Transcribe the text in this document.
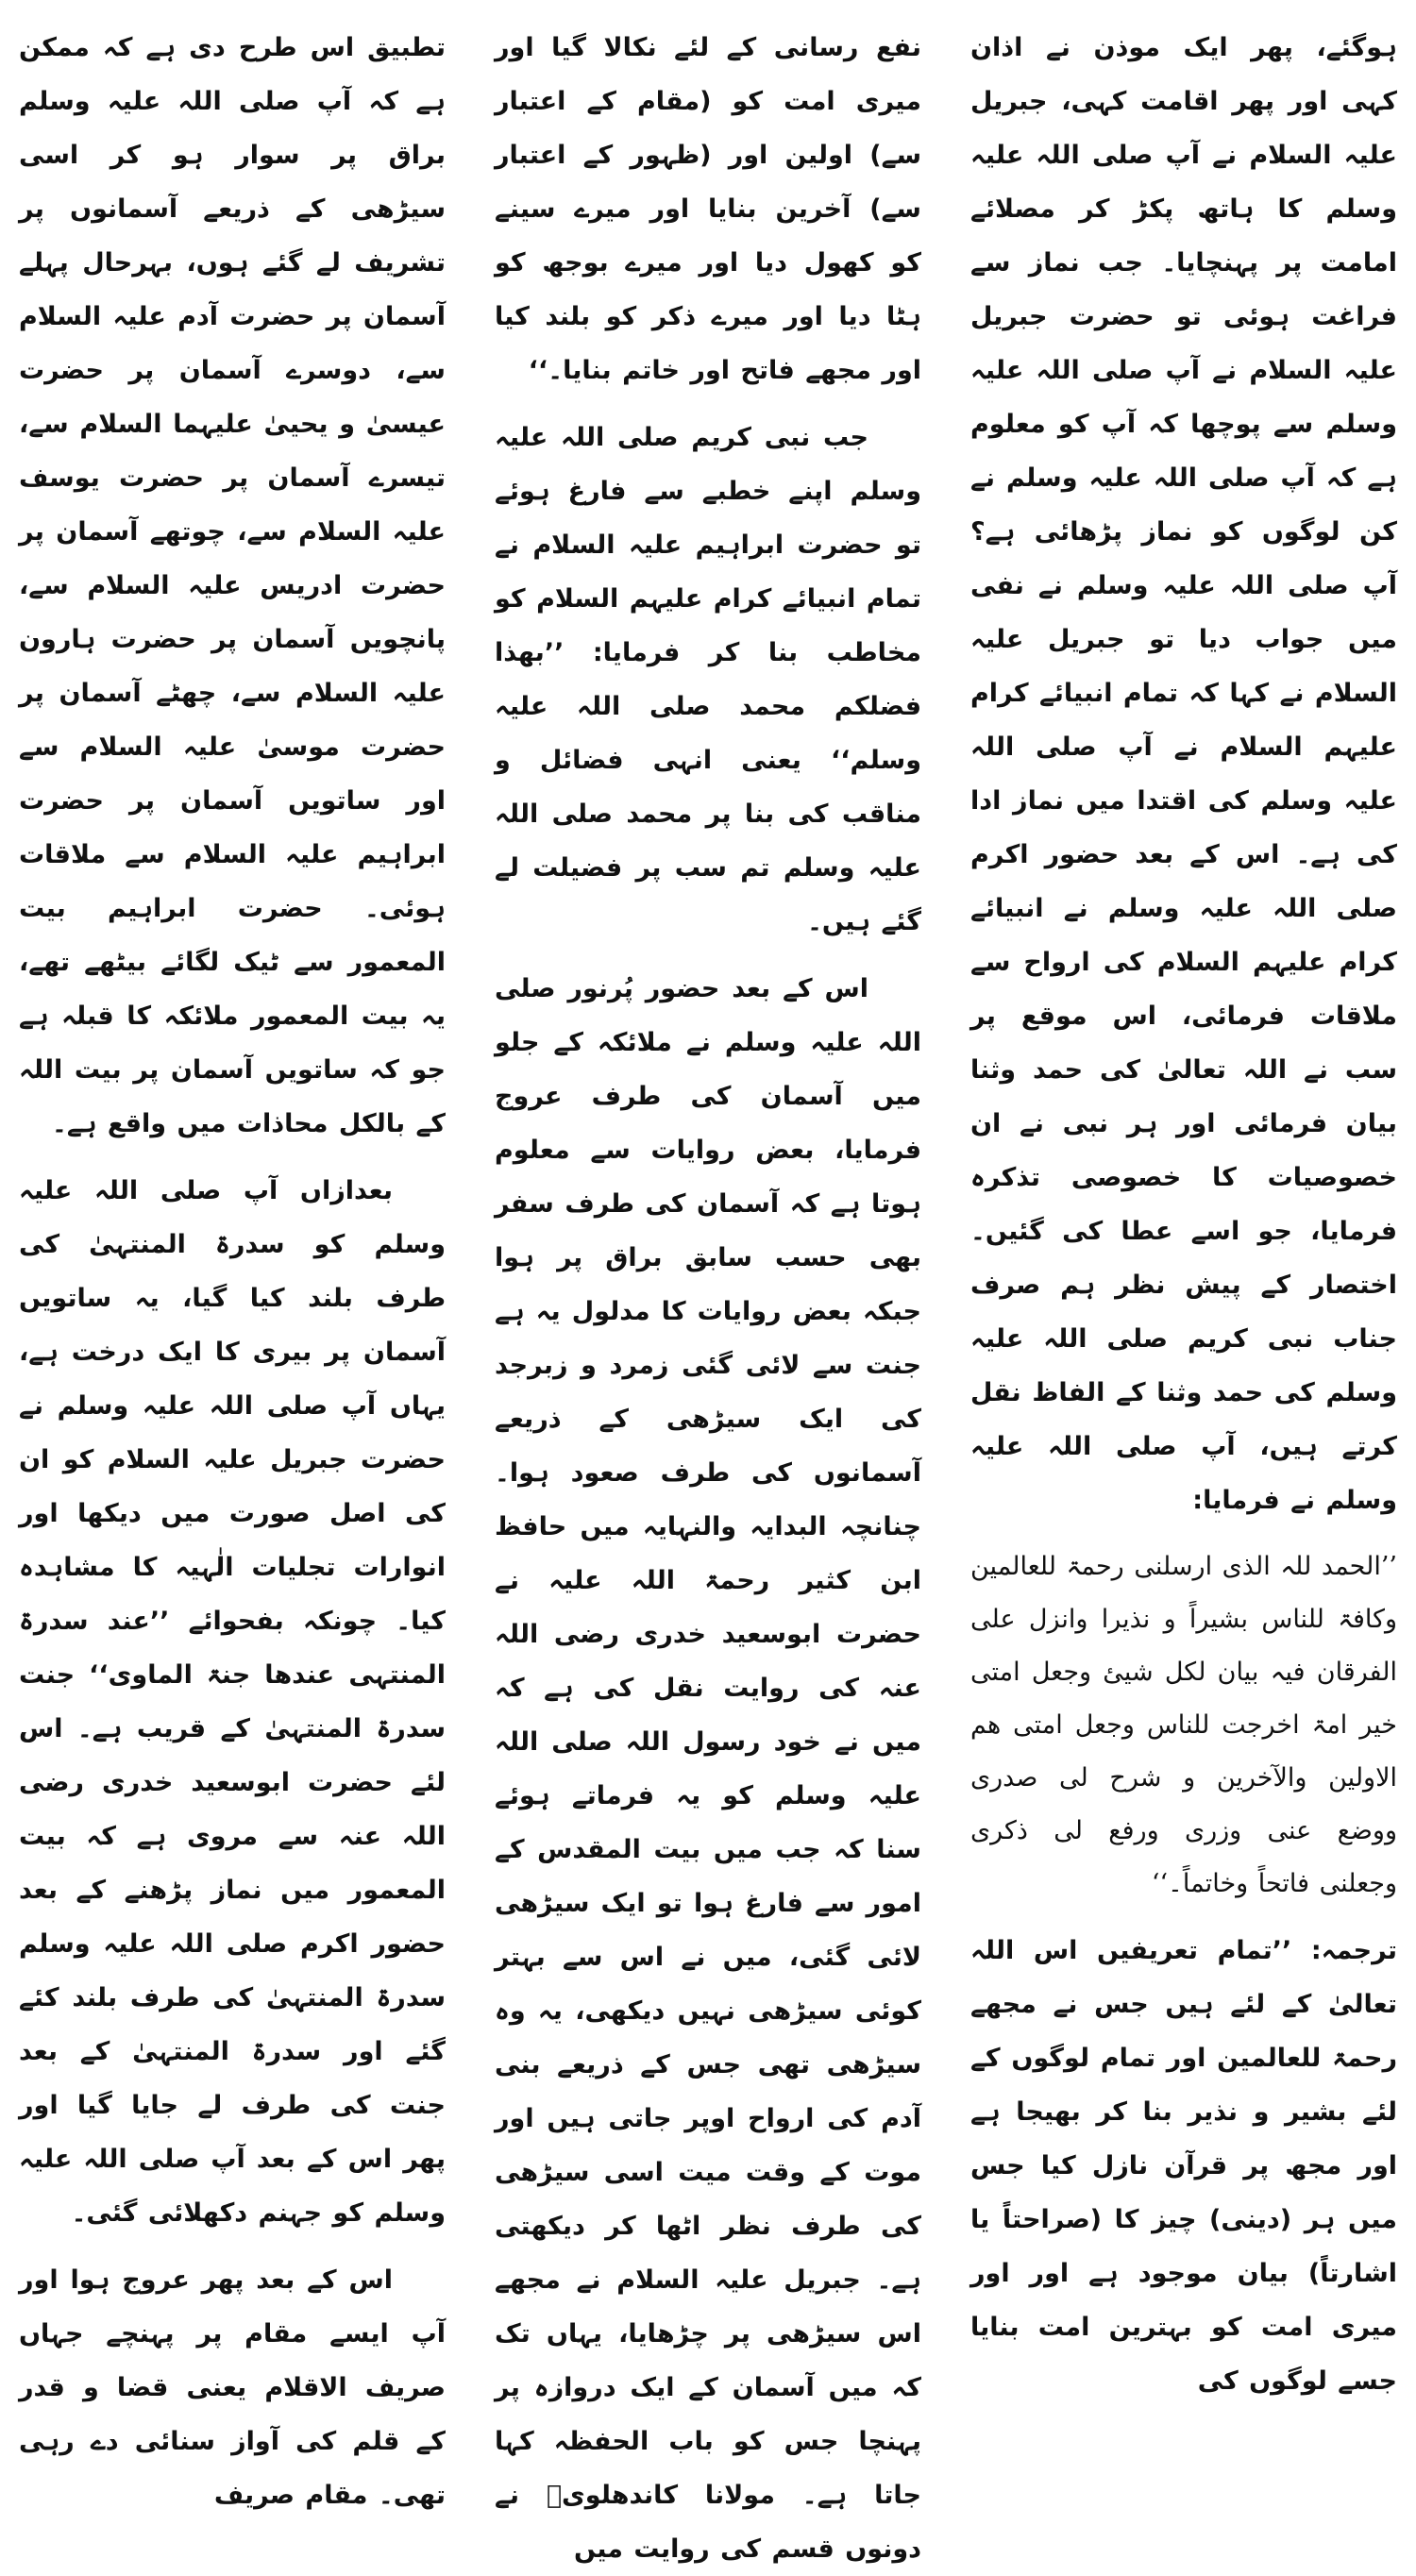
ہوگئے، پھر ایک موذن نے اذان کہی اور پھر اقامت کہی، جبریل علیہ السلام نے آپ صلی اللہ علیہ وسلم کا ہاتھ پکڑ کر مصلائے امامت پر پہنچایا۔ جب نماز سے فراغت ہوئی تو حضرت جبریل علیہ السلام نے آپ صلی اللہ علیہ وسلم سے پوچھا کہ آپ کو معلوم ہے کہ آپ صلی اللہ علیہ وسلم نے کن لوگوں کو نماز پڑھائی ہے؟ آپ صلی اللہ علیہ وسلم نے نفی میں جواب دیا تو جبریل علیہ السلام نے کہا کہ تمام انبیائے کرام علیہم السلام نے آپ صلی اللہ علیہ وسلم کی اقتدا میں نماز ادا کی ہے۔ اس کے بعد حضور اکرم صلی اللہ علیہ وسلم نے انبیائے کرام علیہم السلام کی ارواح سے ملاقات فرمائی، اس موقع پر سب نے اللہ تعالیٰ کی حمد وثنا بیان فرمائی اور ہر نبی نے ان خصوصیات کا خصوصی تذکرہ فرمایا، جو اسے عطا کی گئیں۔ اختصار کے پیش نظر ہم صرف جناب نبی کریم صلی اللہ علیہ وسلم کی حمد وثنا کے الفاظ نقل کرتے ہیں، آپ صلی اللہ علیہ وسلم نے فرمایا:

’’الحمد للہ الذی ارسلنی رحمۃ للعالمین وکافۃ للناس بشیراً و نذیرا وانزل علی الفرقان فیہ بیان لکل شیئ وجعل امتی خیر امۃ اخرجت للناس وجعل امتی ھم الاولین والآخرین و شرح لی صدری ووضع عنی وزری ورفع لی ذکری وجعلنی فاتحاً وخاتماً۔‘‘

ترجمہ: ’’تمام تعریفیں اس اللہ تعالیٰ کے لئے ہیں جس نے مجھے رحمۃ للعالمین اور تمام لوگوں کے لئے بشیر و نذیر بنا کر بھیجا ہے اور مجھ پر قرآن نازل کیا جس میں ہر (دینی) چیز کا (صراحتاً یا اشارتاً) بیان موجود ہے اور اور میری امت کو بہترین امت بنایا جسے لوگوں کی

نفع رسانی کے لئے نکالا گیا اور میری امت کو (مقام کے اعتبار سے) اولین اور (ظہور کے اعتبار سے) آخرین بنایا اور میرے سینے کو کھول دیا اور میرے بوجھ کو ہٹا دیا اور میرے ذکر کو بلند کیا اور مجھے فاتح اور خاتم بنایا۔‘‘

جب نبی کریم صلی اللہ علیہ وسلم اپنے خطبے سے فارغ ہوئے تو حضرت ابراہیم علیہ السلام نے تمام انبیائے کرام علیہم السلام کو مخاطب بنا کر فرمایا: ’’بھذا فضلکم محمد صلی اللہ علیہ وسلم‘‘ یعنی انہی فضائل و مناقب کی بنا پر محمد صلی اللہ علیہ وسلم تم سب پر فضیلت لے گئے ہیں۔

اس کے بعد حضور پُرنور صلی اللہ علیہ وسلم نے ملائکہ کے جلو میں آسمان کی طرف عروج فرمایا، بعض روایات سے معلوم ہوتا ہے کہ آسمان کی طرف سفر بھی حسب سابق براق پر ہوا جبکہ بعض روایات کا مدلول یہ ہے جنت سے لائی گئی زمرد و زبرجد کی ایک سیڑھی کے ذریعے آسمانوں کی طرف صعود ہوا۔ چنانچہ البدایہ والنہایہ میں حافظ ابن کثیر رحمۃ اللہ علیہ نے حضرت ابوسعید خدری رضی اللہ عنہ کی روایت نقل کی ہے کہ میں نے خود رسول اللہ صلی اللہ علیہ وسلم کو یہ فرماتے ہوئے سنا کہ جب میں بیت المقدس کے امور سے فارغ ہوا تو ایک سیڑھی لائی گئی، میں نے اس سے بہتر کوئی سیڑھی نہیں دیکھی، یہ وہ سیڑھی تھی جس کے ذریعے بنی آدم کی ارواح اوپر جاتی ہیں اور موت کے وقت میت اسی سیڑھی کی طرف نظر اٹھا کر دیکھتی ہے۔ جبریل علیہ السلام نے مجھے اس سیڑھی پر چڑھایا، یہاں تک کہ میں آسمان کے ایک دروازہ پر پہنچا جس کو باب الحفظہ کہا جاتا ہے۔ مولانا کاندھلویؒ نے دونوں قسم کی روایت میں

تطبیق اس طرح دی ہے کہ ممکن ہے کہ آپ صلی اللہ علیہ وسلم براق پر سوار ہو کر اسی سیڑھی کے ذریعے آسمانوں پر تشریف لے گئے ہوں، بہرحال پہلے آسمان پر حضرت آدم علیہ السلام سے، دوسرے آسمان پر حضرت عیسیٰ و یحییٰ علیہما السلام سے، تیسرے آسمان پر حضرت یوسف علیہ السلام سے، چوتھے آسمان پر حضرت ادریس علیہ السلام سے، پانچویں آسمان پر حضرت ہارون علیہ السلام سے، چھٹے آسمان پر حضرت موسیٰ علیہ السلام سے اور ساتویں آسمان پر حضرت ابراہیم علیہ السلام سے ملاقات ہوئی۔ حضرت ابراہیم بیت المعمور سے ٹیک لگائے بیٹھے تھے، یہ بیت المعمور ملائکہ کا قبلہ ہے جو کہ ساتویں آسمان پر بیت اللہ کے بالکل محاذات میں واقع ہے۔

بعدازاں آپ صلی اللہ علیہ وسلم کو سدرۃ المنتہیٰ کی طرف بلند کیا گیا، یہ ساتویں آسمان پر بیری کا ایک درخت ہے، یہاں آپ صلی اللہ علیہ وسلم نے حضرت جبریل علیہ السلام کو ان کی اصل صورت میں دیکھا اور انوارات تجلیات الٰہیہ کا مشاہدہ کیا۔ چونکہ بفحوائے ’’عند سدرۃ المنتہی عندھا جنۃ الماوی‘‘ جنت سدرۃ المنتہیٰ کے قریب ہے۔ اس لئے حضرت ابوسعید خدری رضی اللہ عنہ سے مروی ہے کہ بیت المعمور میں نماز پڑھنے کے بعد حضور اکرم صلی اللہ علیہ وسلم سدرۃ المنتہیٰ کی طرف بلند کئے گئے اور سدرۃ المنتہیٰ کے بعد جنت کی طرف لے جایا گیا اور پھر اس کے بعد آپ صلی اللہ علیہ وسلم کو جہنم دکھلائی گئی۔

اس کے بعد پھر عروج ہوا اور آپ ایسے مقام پر پہنچے جہاں صریف الاقلام یعنی قضا و قدر کے قلم کی آواز سنائی دے رہی تھی۔ مقام صریف
